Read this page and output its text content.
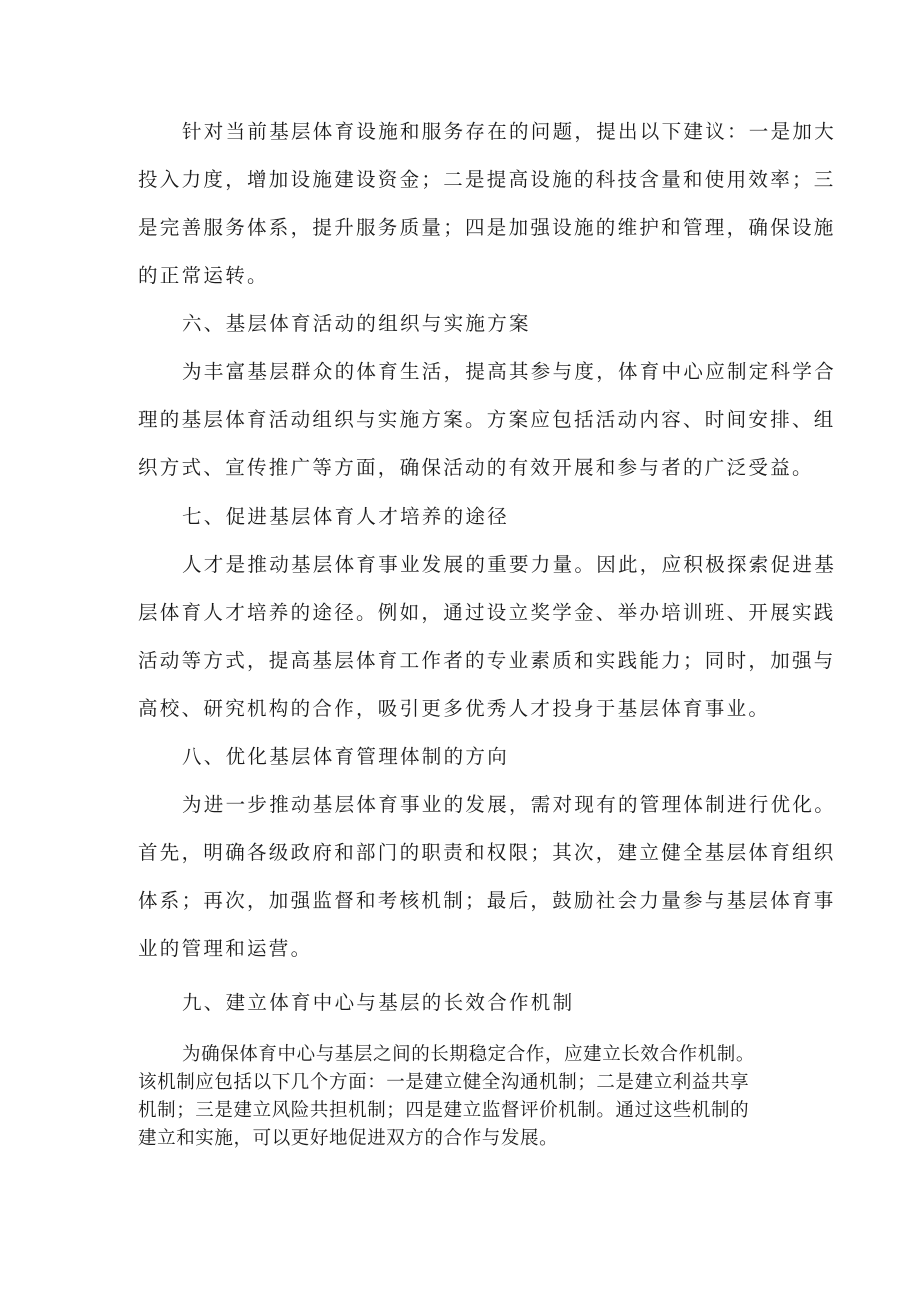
针对当前基层体育设施和服务存在的问题，提出以下建议：一是加大
投入力度，增加设施建设资金；二是提高设施的科技含量和使用效率；三
是完善服务体系，提升服务质量；四是加强设施的维护和管理，确保设施
的正常运转。
六、基层体育活动的组织与实施方案
为丰富基层群众的体育生活，提高其参与度，体育中心应制定科学合
理的基层体育活动组织与实施方案。方案应包括活动内容、时间安排、组
织方式、宣传推广等方面，确保活动的有效开展和参与者的广泛受益。
七、促进基层体育人才培养的途径
人才是推动基层体育事业发展的重要力量。因此，应积极探索促进基
层体育人才培养的途径。例如，通过设立奖学金、举办培训班、开展实践
活动等方式，提高基层体育工作者的专业素质和实践能力；同时，加强与
高校、研究机构的合作，吸引更多优秀人才投身于基层体育事业。
八、优化基层体育管理体制的方向
为进一步推动基层体育事业的发展，需对现有的管理体制进行优化。
首先，明确各级政府和部门的职责和权限；其次，建立健全基层体育组织
体系；再次，加强监督和考核机制；最后，鼓励社会力量参与基层体育事
业的管理和运营。
九、建立体育中心与基层的长效合作机制
为确保体育中心与基层之间的长期稳定合作，应建立长效合作机制。
该机制应包括以下几个方面：一是建立健全沟通机制；二是建立利益共享
机制；三是建立风险共担机制；四是建立监督评价机制。通过这些机制的
建立和实施，可以更好地促进双方的合作与发展。
